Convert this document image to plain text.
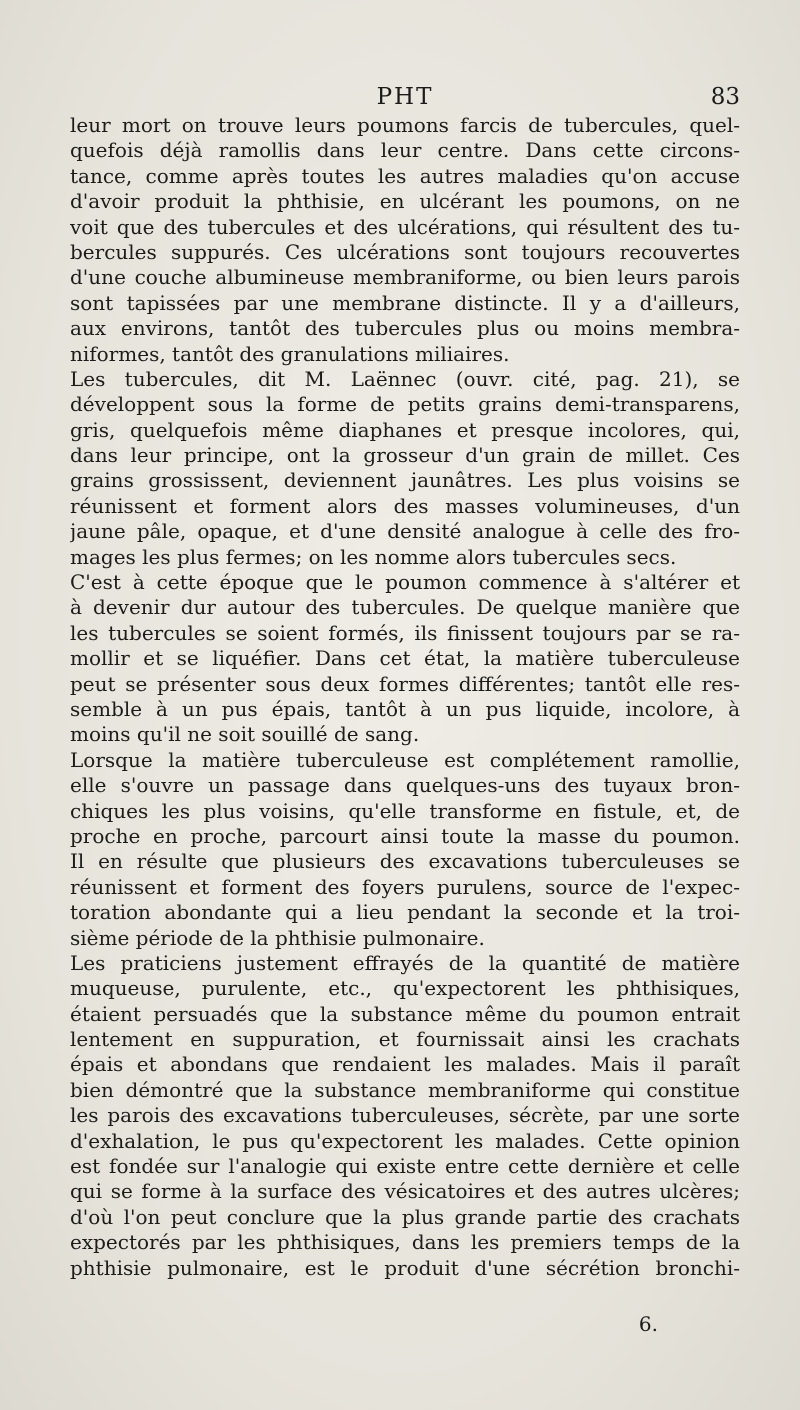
PHT	83
leur mort on trouve leurs poumons farcis de tubercules, quel-
quefois déjà ramollis dans leur centre. Dans cette circons-
tance, comme après toutes les autres maladies qu'on accuse
d'avoir produit la phthisie, en ulcérant les poumons, on ne
voit que des tubercules et des ulcérations, qui résultent des tu-
bercules suppurés. Ces ulcérations sont toujours recouvertes
d'une couche albumineuse membraniforme, ou bien leurs parois
sont tapissées par une membrane distincte. Il y a d'ailleurs,
aux environs, tantôt des tubercules plus ou moins membra-
niformes, tantôt des granulations miliaires.
Les tubercules, dit M. Laënnec (ouvr. cité, pag. 21), se
développent sous la forme de petits grains demi-transparens,
gris, quelquefois même diaphanes et presque incolores, qui,
dans leur principe, ont la grosseur d'un grain de millet. Ces
grains grossissent, deviennent jaunâtres. Les plus voisins se
réunissent et forment alors des masses volumineuses, d'un
jaune pâle, opaque, et d'une densité analogue à celle des fro-
mages les plus fermes; on les nomme alors tubercules secs.
C'est à cette époque que le poumon commence à s'altérer et
à devenir dur autour des tubercules. De quelque manière que
les tubercules se soient formés, ils finissent toujours par se ra-
mollir et se liquéfier. Dans cet état, la matière tuberculeuse
peut se présenter sous deux formes différentes; tantôt elle res-
semble à un pus épais, tantôt à un pus liquide, incolore, à
moins qu'il ne soit souillé de sang.
Lorsque la matière tuberculeuse est complétement ramollie,
elle s'ouvre un passage dans quelques-uns des tuyaux bron-
chiques les plus voisins, qu'elle transforme en fistule, et, de
proche en proche, parcourt ainsi toute la masse du poumon.
Il en résulte que plusieurs des excavations tuberculeuses se
réunissent et forment des foyers purulens, source de l'expec-
toration abondante qui a lieu pendant la seconde et la troi-
sième période de la phthisie pulmonaire.
Les praticiens justement effrayés de la quantité de matière
muqueuse, purulente, etc., qu'expectorent les phthisiques,
étaient persuadés que la substance même du poumon entrait
lentement en suppuration, et fournissait ainsi les crachats
épais et abondans que rendaient les malades. Mais il paraît
bien démontré que la substance membraniforme qui constitue
les parois des excavations tuberculeuses, sécrète, par une sorte
d'exhalation, le pus qu'expectorent les malades. Cette opinion
est fondée sur l'analogie qui existe entre cette dernière et celle
qui se forme à la surface des vésicatoires et des autres ulcères;
d'où l'on peut conclure que la plus grande partie des crachats
expectorés par les phthisiques, dans les premiers temps de la
phthisie pulmonaire, est le produit d'une sécrétion bronchi-
6.
